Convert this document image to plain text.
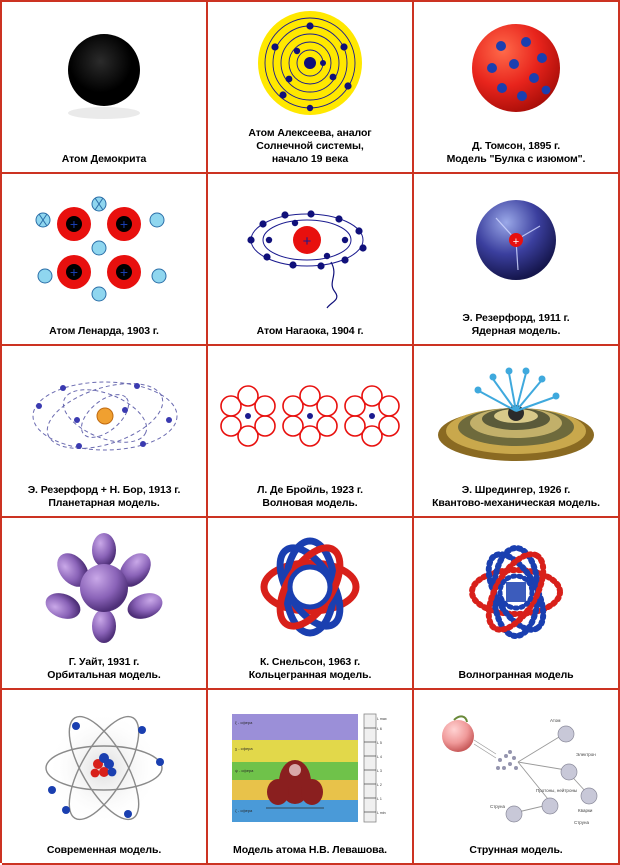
Атом Демокрита
Атом Алексеева, аналог
Солнечной системы,
начало 19 века
Д. Томсон, 1895 г.
Модель "Булка с изюмом".
+	+
+	+
Атом Ленарда, 1903 г.
+
Атом Нагаока, 1904 г.
+
Э. Резерфорд, 1911 г.
Ядерная модель.
Э. Резерфорд + Н. Бор, 1913 г.
Планетарная модель.
Л. Де Бройль, 1923 г.
Волновая модель.
Э. Шредингер, 1926 г.
Квантово-механическая модель.
Г. Уайт, 1931 г.
Орбитальная модель.
К. Снельсон, 1963 г.
Кольцегранная модель.	Волногранная модель
Современная модель.
ξ - сфера
χ - сфера
ψ - сфера
ζ - сфера
L max
L 6
L 5
L 4
L 3
L 2
L 1
L min
Модель атома Н.В. Левашова.
Атом
Электрон
Протоны, нейтроны
Кварки
Струна
Струна
Струнная модель.
